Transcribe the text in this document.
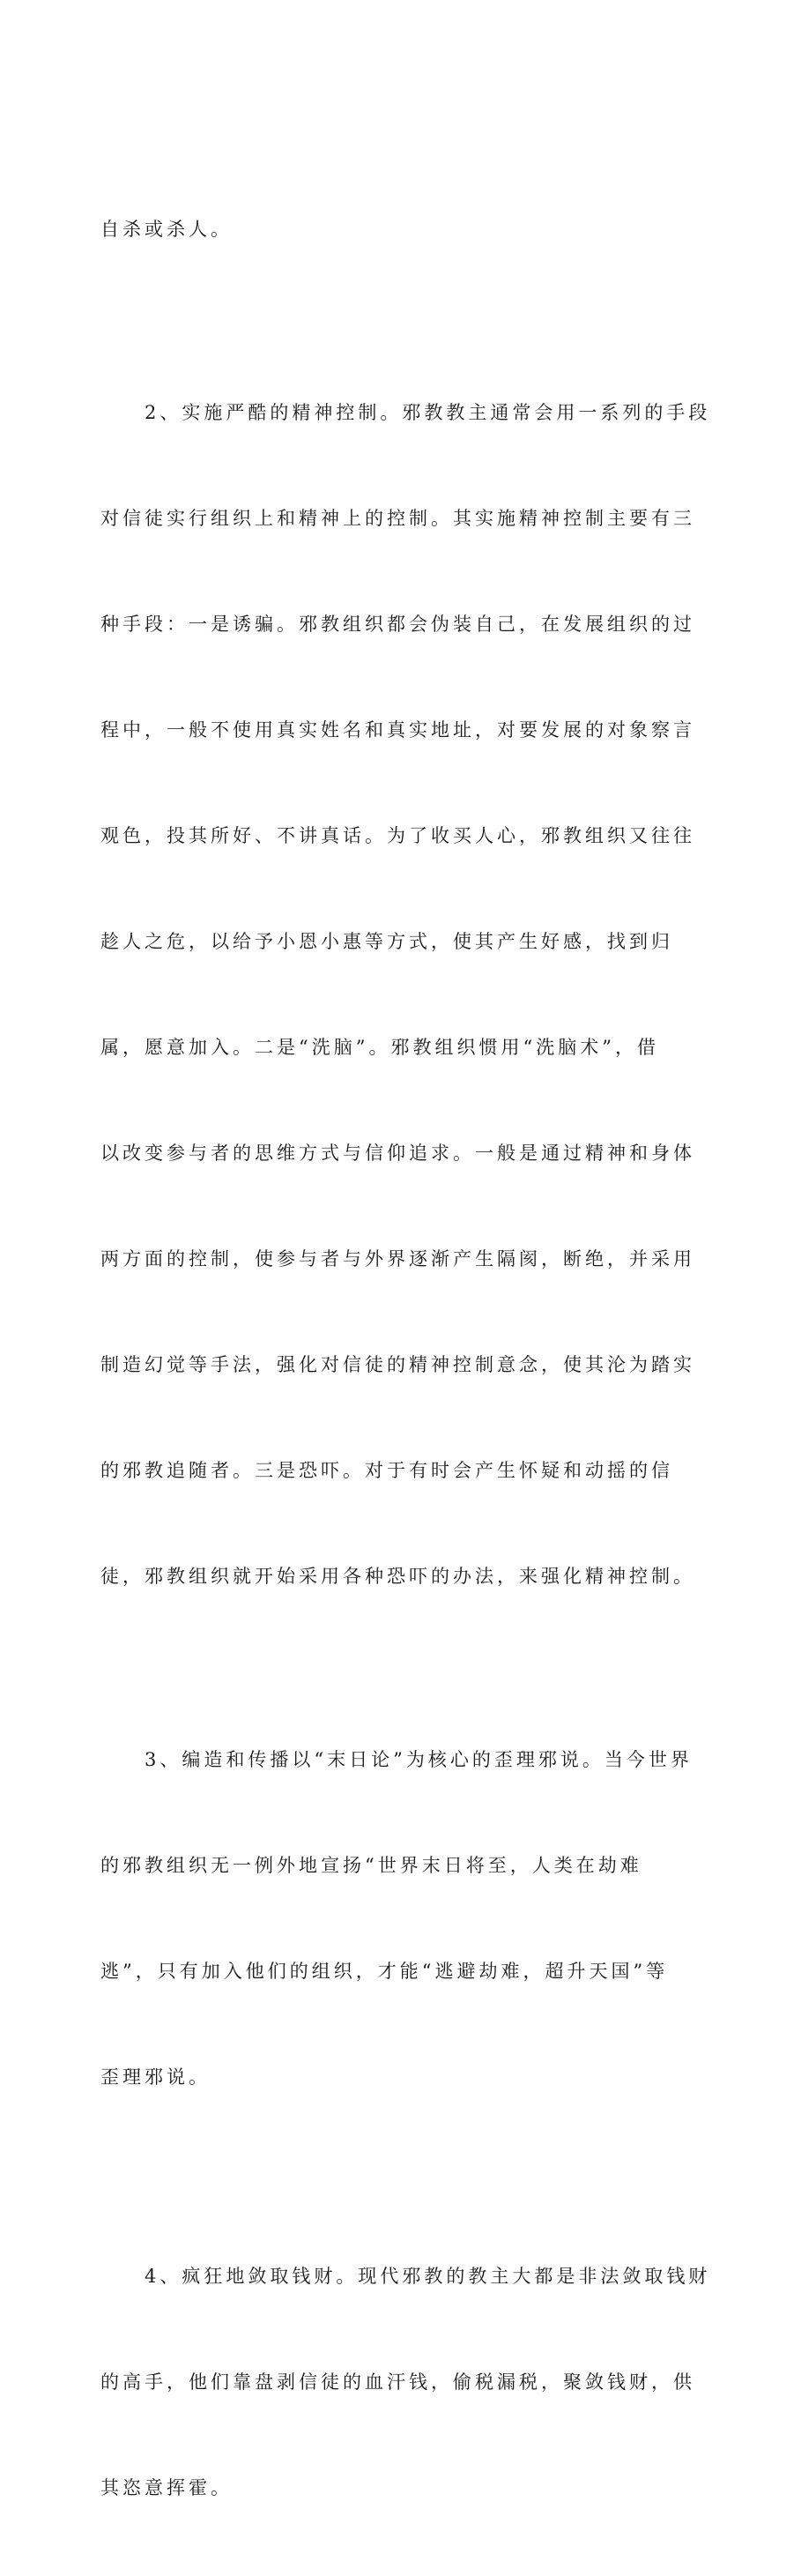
自杀或杀人。

　　2、实施严酷的精神控制。邪教教主通常会用一系列的手段

对信徒实行组织上和精神上的控制。其实施精神控制主要有三

种手段：一是诱骗。邪教组织都会伪装自己，在发展组织的过

程中，一般不使用真实姓名和真实地址，对要发展的对象察言

观色，投其所好、不讲真话。为了收买人心，邪教组织又往往

趁人之危，以给予小恩小惠等方式，使其产生好感，找到归

属，愿意加入。二是“洗脑”。邪教组织惯用“洗脑术”，借

以改变参与者的思维方式与信仰追求。一般是通过精神和身体

两方面的控制，使参与者与外界逐渐产生隔阂，断绝，并采用

制造幻觉等手法，强化对信徒的精神控制意念，使其沦为踏实

的邪教追随者。三是恐吓。对于有时会产生怀疑和动摇的信

徒，邪教组织就开始采用各种恐吓的办法，来强化精神控制。

　　3、编造和传播以“末日论”为核心的歪理邪说。当今世界

的邪教组织无一例外地宣扬“世界末日将至，人类在劫难

逃”，只有加入他们的组织，才能“逃避劫难，超升天国”等

歪理邪说。

　　4、疯狂地敛取钱财。现代邪教的教主大都是非法敛取钱财

的高手，他们靠盘剥信徒的血汗钱，偷税漏税，聚敛钱财，供

其恣意挥霍。
